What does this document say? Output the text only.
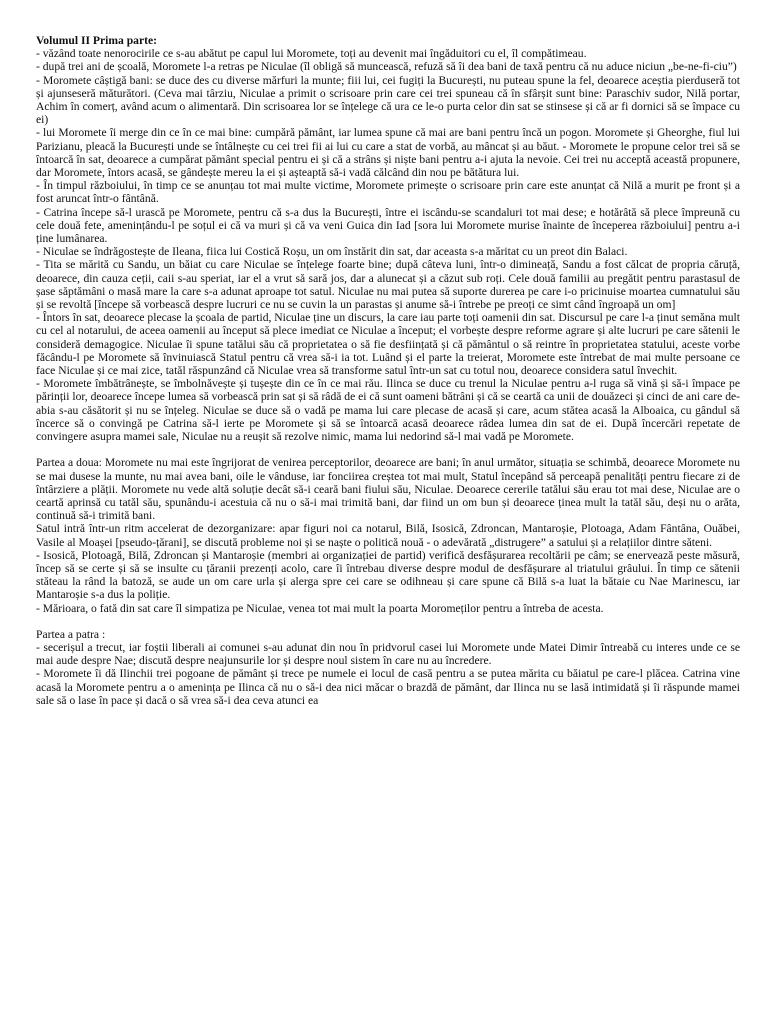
Volumul II Prima parte:

- văzând toate nenorocirile ce s-au abătut pe capul lui Moromete, toți au devenit mai îngăduitori cu el, îl compătimeau.

- după trei ani de școală, Moromete l-a retras pe Niculae (îl obligă să muncească, refuză să îi dea bani de taxă pentru că nu aduce niciun „be-ne-fi-ciu”)

- Moromete câștigă bani: se duce des cu diverse mărfuri la munte; fiii lui, cei fugiți la București, nu puteau spune la fel, deoarece aceștia pierduseră tot și ajunseseră măturători. (Ceva mai târziu, Niculae a primit o scrisoare prin care cei trei spuneau că în sfârșit sunt bine: Paraschiv sudor, Nilă portar, Achim în comerț, având acum o alimentară. Din scrisoarea lor se înțelege că ura ce le-o purta celor din sat se stinsese și că ar fi dornici să se împace cu ei)

- lui Moromete îi merge din ce în ce mai bine: cumpără pământ, iar lumea spune că mai are bani pentru încă un pogon. Moromete și Gheorghe, fiul lui Parizianu, pleacă la București unde se întâlnește cu cei trei fii ai lui cu care a stat de vorbă, au mâncat și au băut. - Moromete le propune celor trei să se întoarcă în sat, deoarece a cumpărat pământ special pentru ei și că a strâns și niște bani pentru a-i ajuta la nevoie. Cei trei nu acceptă această propunere, dar Moromete, întors acasă, se gândește mereu la ei și așteaptă să-i vadă călcând din nou pe bătătura lui.

- În timpul războiului, în timp ce se anunțau tot mai multe victime, Moromete primește o scrisoare prin care este anunțat că Nilă a murit pe front și a fost aruncat într-o fântână.

- Catrina începe să-l urască pe Moromete, pentru că s-a dus la București, între ei iscându-se scandaluri tot mai dese; e hotărâtă să plece împreună cu cele două fete, amenințându-l pe soțul ei că va muri și că va veni Guica din Iad [sora lui Moromete murise înainte de începerea războiului] pentru a-i ține lumânarea.

- Niculae se îndrăgostește de Ileana, fiica lui Costică Roșu, un om înstărit din sat, dar aceasta s-a măritat cu un preot din Balaci.

- Tita se mărită cu Sandu, un băiat cu care Niculae se înțelege foarte bine; după câteva luni, într-o dimineață, Sandu a fost călcat de propria căruță, deoarece, din cauza ceții, caii s-au speriat, iar el a vrut să sară jos, dar a alunecat și a căzut sub roți. Cele două familii au pregătit pentru parastasul de șase săptămâni o masă mare la care s-a adunat aproape tot satul. Niculae nu mai putea să suporte durerea pe care i-o pricinuise moartea cumnatului său și se revoltă [începe să vorbească despre lucruri ce nu se cuvin la un parastas și anume să-i întrebe pe preoți ce simt când îngroapă un om]

- Întors în sat, deoarece plecase la școala de partid, Niculae ține un discurs, la care iau parte toți oamenii din sat. Discursul pe care l-a ținut semăna mult cu cel al notarului, de aceea oamenii au început să plece imediat ce Niculae a început; el vorbește despre reforme agrare și alte lucruri pe care sătenii le consideră demagogice. Niculae îi spune tatălui său că proprietatea o să fie desființată și că pământul o să reintre în proprietatea statului, aceste vorbe făcându-l pe Moromete să învinuiască Statul pentru că vrea să-i ia tot. Luând și el parte la treierat, Moromete este întrebat de mai multe persoane ce face Niculae și ce mai zice, tatăl răspunzând că Niculae vrea să transforme satul într-un sat cu totul nou, deoarece considera satul învechit.

- Moromete îmbătrânește, se îmbolnăvește și tușește din ce în ce mai rău. Ilinca se duce cu trenul la Niculae pentru a-l ruga să vină și să-i împace pe părinții lor, deoarece începe lumea să vorbească prin sat și să râdă de ei că sunt oameni bătrâni și că se ceartă ca unii de douăzeci și cinci de ani care de-abia s-au căsătorit și nu se înțeleg. Niculae se duce să o vadă pe mama lui care plecase de acasă și care, acum stătea acasă la Alboaica, cu gândul să încerce să o convingă pe Catrina să-l ierte pe Moromete și să se întoarcă acasă deoarece râdea lumea din sat de ei. După încercări repetate de convingere asupra mamei sale, Niculae nu a reușit să rezolve nimic, mama lui nedorind să-l mai vadă pe Moromete.

Partea a doua: Moromete nu mai este îngrijorat de venirea perceptorilor, deoarece are bani; în anul următor, situația se schimbă, deoarece Moromete nu se mai dusese la munte, nu mai avea bani, oile le vânduse, iar fonciirea creștea tot mai mult, Statul începând să perceapă penalități pentru fiecare zi de întârziere a plății. Moromete nu vede altă soluție decât să-i ceară bani fiului său, Niculae. Deoarece cererile tatălui său erau tot mai dese, Niculae are o ceartă aprinsă cu tatăl său, spunându-i acestuia că nu o să-i mai trimită bani, dar fiind un om bun și deoarece ținea mult la tatăl său, deși nu o arăta, continuă să-i trimită bani.

Satul intră într-un ritm accelerat de dezorganizare: apar figuri noi ca notarul, Bilă, Isosică, Zdroncan, Mantaroșie, Plotoaga, Adam Fântâna, Ouăbei, Vasile al Moașei [pseudo-țărani], se discută probleme noi și se naște o politică nouă - o adevărată „distrugere” a satului și a relațiilor dintre săteni.

- Isosică, Plotoagă, Bilă, Zdroncan și Mantaroșie (membri ai organizației de partid) verifică desfășurarea recoltării pe câm; se enervează peste măsură, încep să se certe și să se insulte cu țăranii prezenți acolo, care îi întrebau diverse despre modul de desfășurare al triatului grâului. În timp ce sătenii stăteau la rând la batoză, se aude un om care urla și alerga spre cei care se odihneau și care spune că Bilă s-a luat la bătaie cu Nae Marinescu, iar Mantaroșie s-a dus la poliție.

- Mărioara, o fată din sat care îl simpatiza pe Niculae, venea tot mai mult la poarta Moromeților pentru a întreba de acesta.

Partea a patra :

- secerișul a trecut, iar foștii liberali ai comunei s-au adunat din nou în pridvorul casei lui Moromete unde Matei Dimir întreabă cu interes unde ce se mai aude despre Nae; discută despre neajunsurile lor și despre noul sistem în care nu au încredere.

- Moromete îi dă Ilinchii trei pogoane de pământ și trece pe numele ei locul de casă pentru a se putea mărita cu băiatul pe care-l plăcea. Catrina vine acasă la Moromete pentru a o amenința pe Ilinca că nu o să-i dea nici măcar o brazdă de pământ, dar Ilinca nu se lasă intimidată și îi răspunde mamei sale să o lase în pace și dacă o să vrea să-i dea ceva atunci ea
